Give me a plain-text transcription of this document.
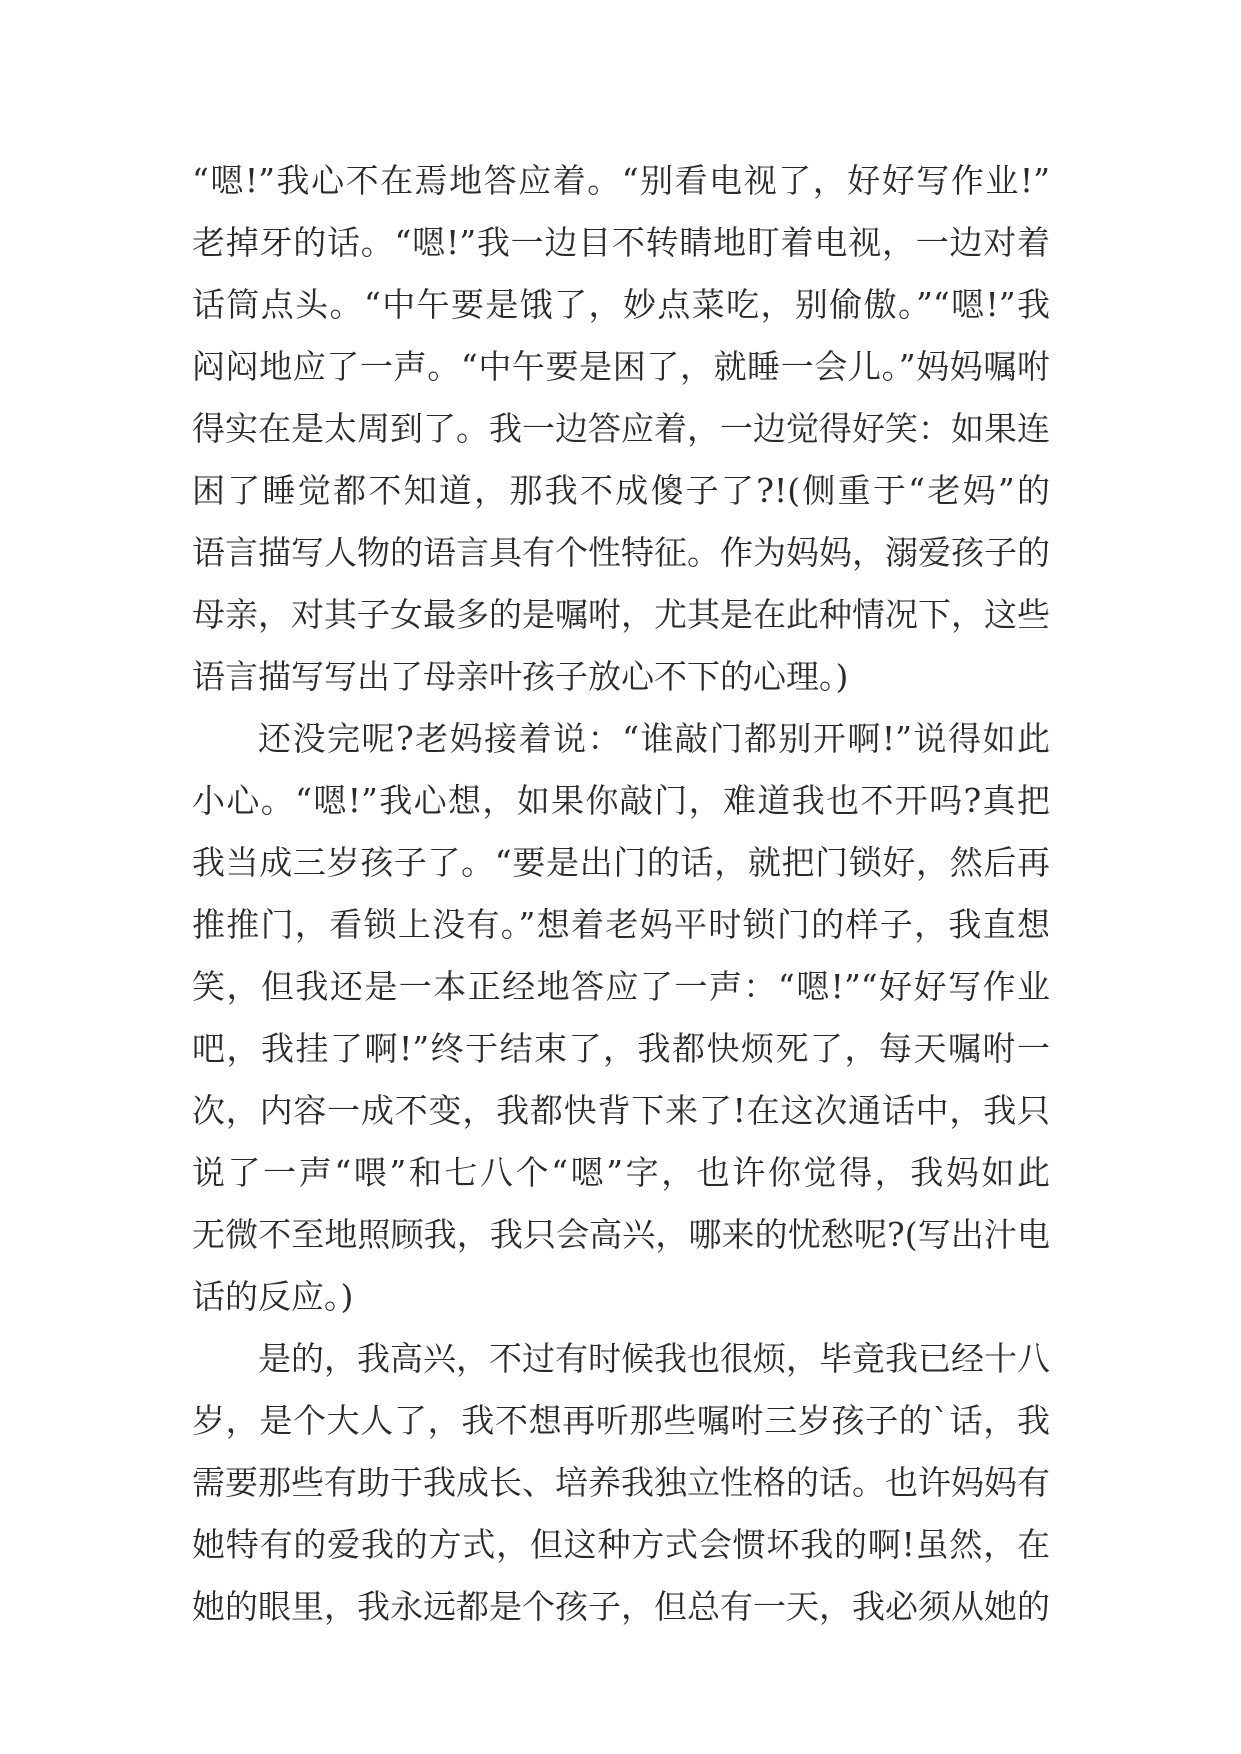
“嗯!”我心不在焉地答应着。“别看电视了，好好写作业!”
老掉牙的话。“嗯!”我一边目不转睛地盯着电视，一边对着
话筒点头。“中午要是饿了，妙点菜吃，别偷傲。”“嗯!”我
闷闷地应了一声。“中午要是困了，就睡一会儿。”妈妈嘱咐
得实在是太周到了。我一边答应着，一边觉得好笑：如果连
困了睡觉都不知道，那我不成傻子了?!(侧重于“老妈”的
语言描写人物的语言具有个性特征。作为妈妈，溺爱孩子的
母亲，对其子女最多的是嘱咐，尤其是在此种情况下，这些
语言描写写出了母亲叶孩子放心不下的心理。)

还没完呢?老妈接着说：“谁敲门都别开啊!”说得如此
小心。“嗯!”我心想，如果你敲门，难道我也不开吗?真把
我当成三岁孩子了。“要是出门的话，就把门锁好，然后再
推推门，看锁上没有。”想着老妈平时锁门的样子，我直想
笑，但我还是一本正经地答应了一声：“嗯!”“好好写作业
吧，我挂了啊!”终于结束了，我都快烦死了，每天嘱咐一
次，内容一成不变，我都快背下来了!在这次通话中，我只
说了一声“喂”和七八个“嗯”字，也许你觉得，我妈如此
无微不至地照顾我，我只会高兴，哪来的忧愁呢?(写出汁电
话的反应。)

是的，我高兴，不过有时候我也很烦，毕竟我已经十八
岁，是个大人了，我不想再听那些嘱咐三岁孩子的`话，我
需要那些有助于我成长、培养我独立性格的话。也许妈妈有
她特有的爱我的方式，但这种方式会惯坏我的啊!虽然，在
她的眼里，我永远都是个孩子，但总有一天，我必须从她的
